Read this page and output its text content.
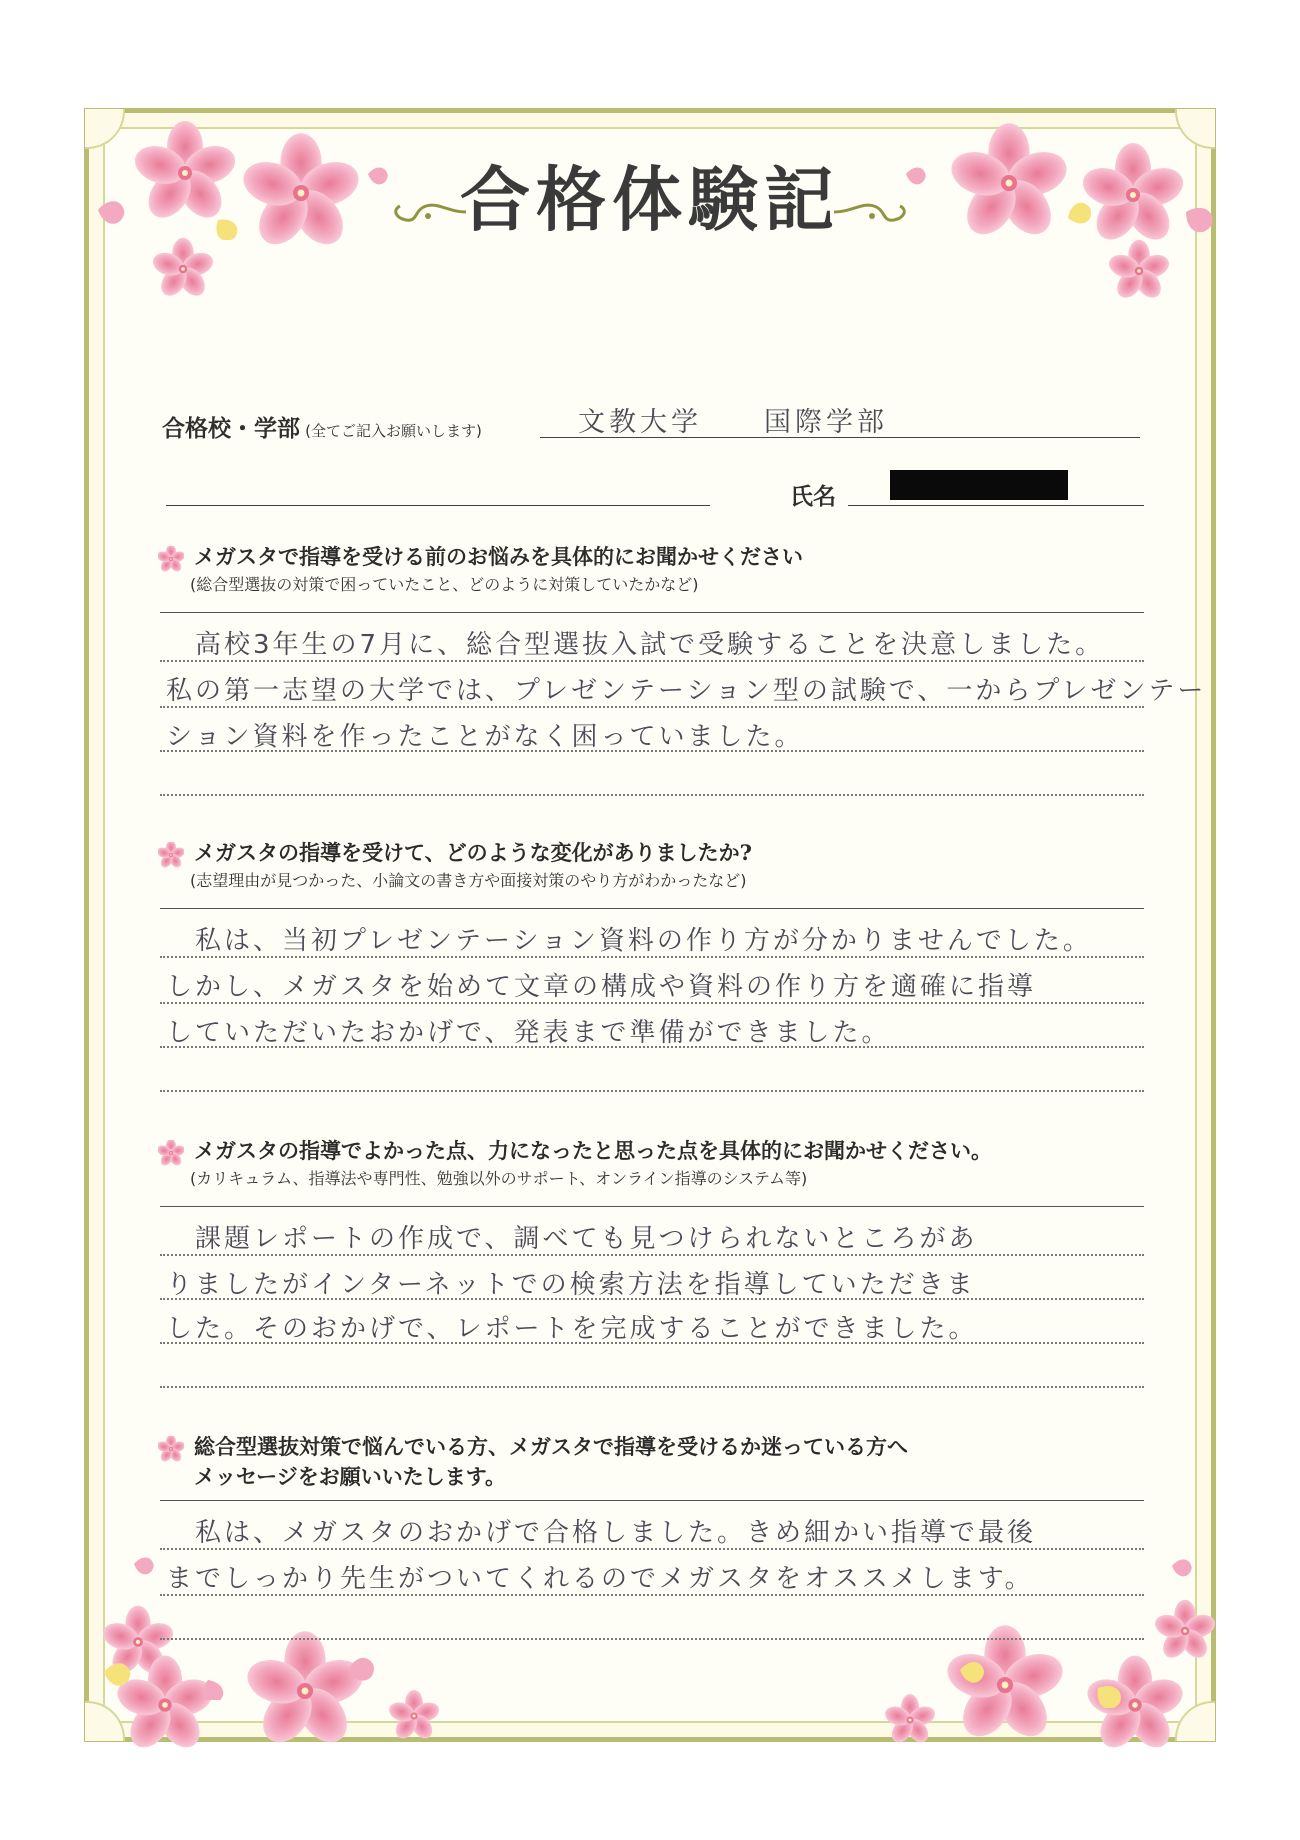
合格体験記
合格校・学部 (全てご記入お願いします)	文教大学　　国際学部
氏名
メガスタで指導を受ける前のお悩みを具体的にお聞かせください
(総合型選抜の対策で困っていたこと、どのように対策していたかなど)
　高校3年生の7月に、総合型選抜入試で受験することを決意しました。
私の第一志望の大学では、プレゼンテーション型の試験で、一からプレゼンテー
ション資料を作ったことがなく困っていました。
メガスタの指導を受けて、どのような変化がありましたか?
(志望理由が見つかった、小論文の書き方や面接対策のやり方がわかったなど)
　私は、当初プレゼンテーション資料の作り方が分かりませんでした。
しかし、メガスタを始めて文章の構成や資料の作り方を適確に指導
していただいたおかげで、発表まで準備ができました。
メガスタの指導でよかった点、力になったと思った点を具体的にお聞かせください。
(カリキュラム、指導法や専門性、勉強以外のサポート、オンライン指導のシステム等)
　課題レポートの作成で、調べても見つけられないところがあ
りましたがインターネットでの検索方法を指導していただきま
した。そのおかげで、レポートを完成することができました。
総合型選抜対策で悩んでいる方、メガスタで指導を受けるか迷っている方へ
メッセージをお願いいたします。
　私は、メガスタのおかげで合格しました。きめ細かい指導で最後
までしっかり先生がついてくれるのでメガスタをオススメします。
